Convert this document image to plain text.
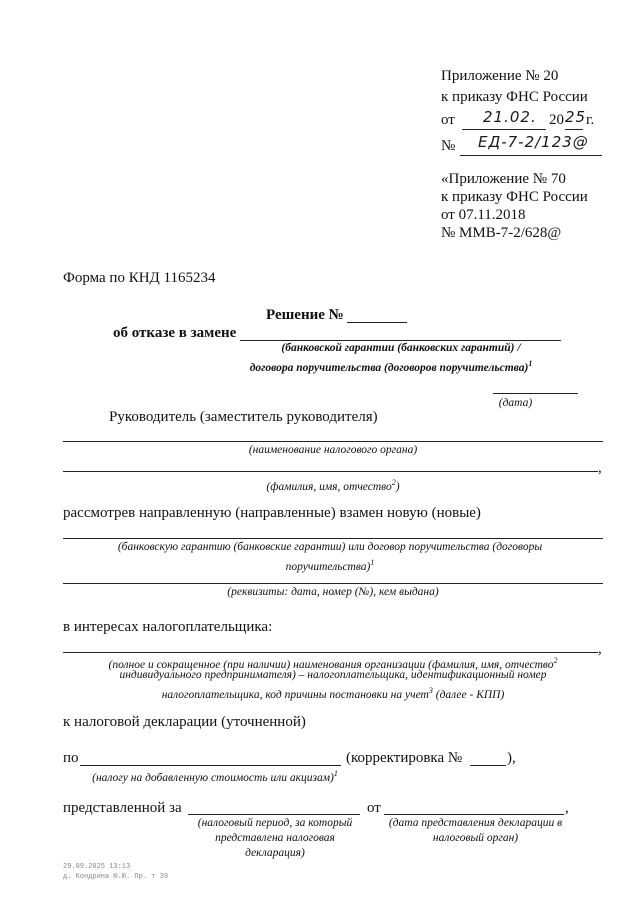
Приложение № 20
к приказу ФНС России
от 21.02. 20 25 г.
№ ЕД-7-2/123@
«Приложение № 70
к приказу ФНС России
от 07.11.2018
№ ММВ-7-2/628@
Форма по КНД 1165234
Решение №
об отказе в замене
(банковской гарантии (банковских гарантий) /
договора поручительства (договоров поручительства)$^1$
(дата)
Руководитель (заместитель руководителя)
(наименование налогового органа)
,
(фамилия, имя, отчество$^2$)
рассмотрев направленную (направленные) взамен новую (новые)
(банковскую гарантию (банковские гарантии) или договор поручительства (договоры поручительства)$^1$
(реквизиты: дата, номер (№), кем выдана)
в интересах налогоплательщика:
,
(полное и сокращенное (при наличии) наименования организации (фамилия, имя, отчество$^2$
индивидуального предпринимателя) – налогоплательщика, идентификационный номер
налогоплательщика, код причины постановки на учет$^3$ (далее - КПП)
к налоговой декларации (уточненной)
по	(корректировка №	),
(налогу на добавленную стоимость или акцизам)$^1$
представленной за	от	,
(налоговый период, за который представлена налоговая декларация)
(дата представления декларации в налоговый орган)
29.09.2025 13:13
д. Кондрина Ю.Ю. Пр. т 39
